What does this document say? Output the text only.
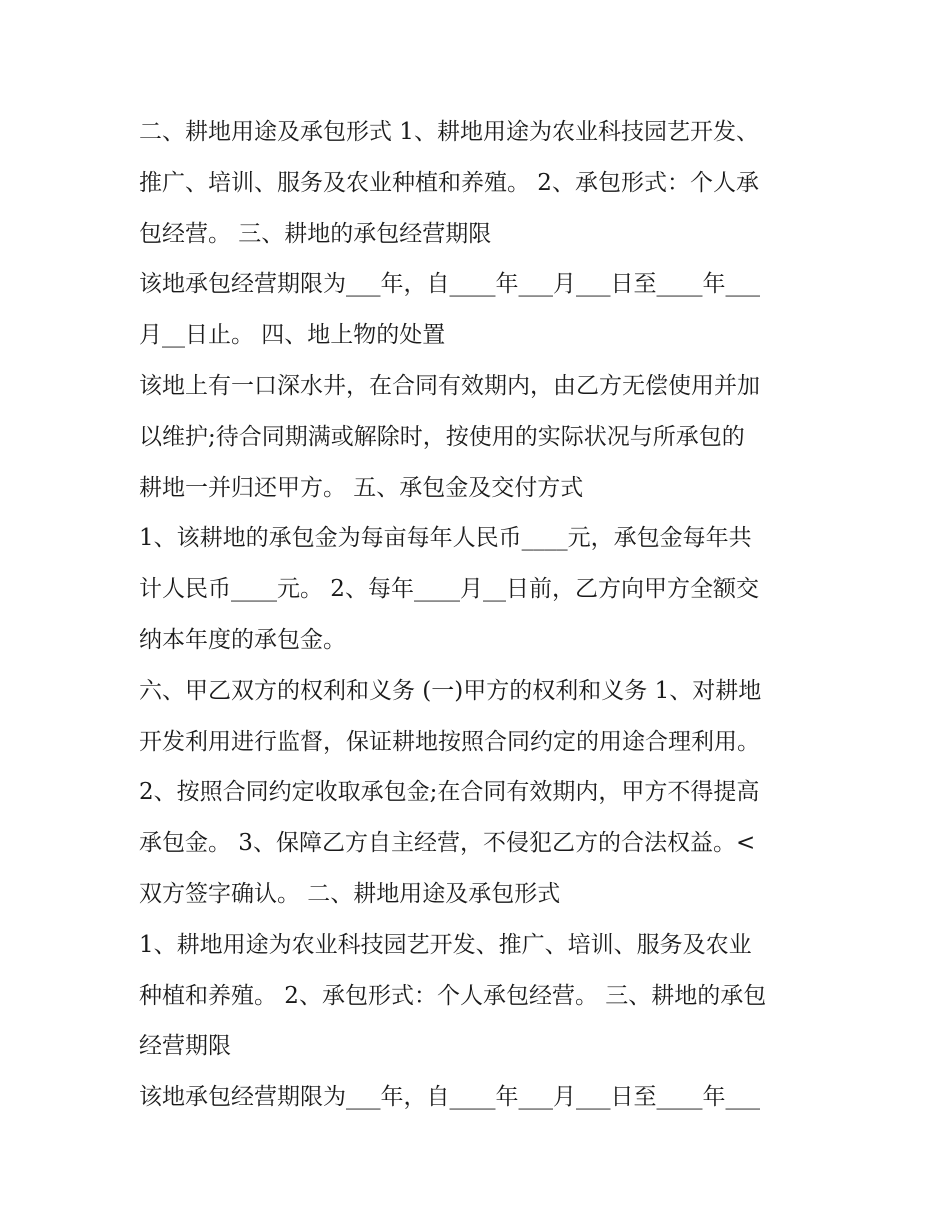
二、耕地用途及承包形式 1、耕地用途为农业科技园艺开发、
推广、培训、服务及农业种植和养殖。 2、承包形式：个人承
包经营。 三、耕地的承包经营期限
该地承包经营期限为___年，自____年___月___日至____年___
月__日止。 四、地上物的处置
该地上有一口深水井，在合同有效期内，由乙方无偿使用并加
以维护;待合同期满或解除时，按使用的实际状况与所承包的
耕地一并归还甲方。 五、承包金及交付方式
1、该耕地的承包金为每亩每年人民币____元，承包金每年共
计人民币____元。 2、每年____月__日前，乙方向甲方全额交
纳本年度的承包金。
六、甲乙双方的权利和义务 (一)甲方的权利和义务 1、对耕地
开发利用进行监督，保证耕地按照合同约定的用途合理利用。
2、按照合同约定收取承包金;在合同有效期内，甲方不得提高
承包金。 3、保障乙方自主经营，不侵犯乙方的合法权益。<
双方签字确认。 二、耕地用途及承包形式
1、耕地用途为农业科技园艺开发、推广、培训、服务及农业
种植和养殖。 2、承包形式：个人承包经营。 三、耕地的承包
经营期限
该地承包经营期限为___年，自____年___月___日至____年___
